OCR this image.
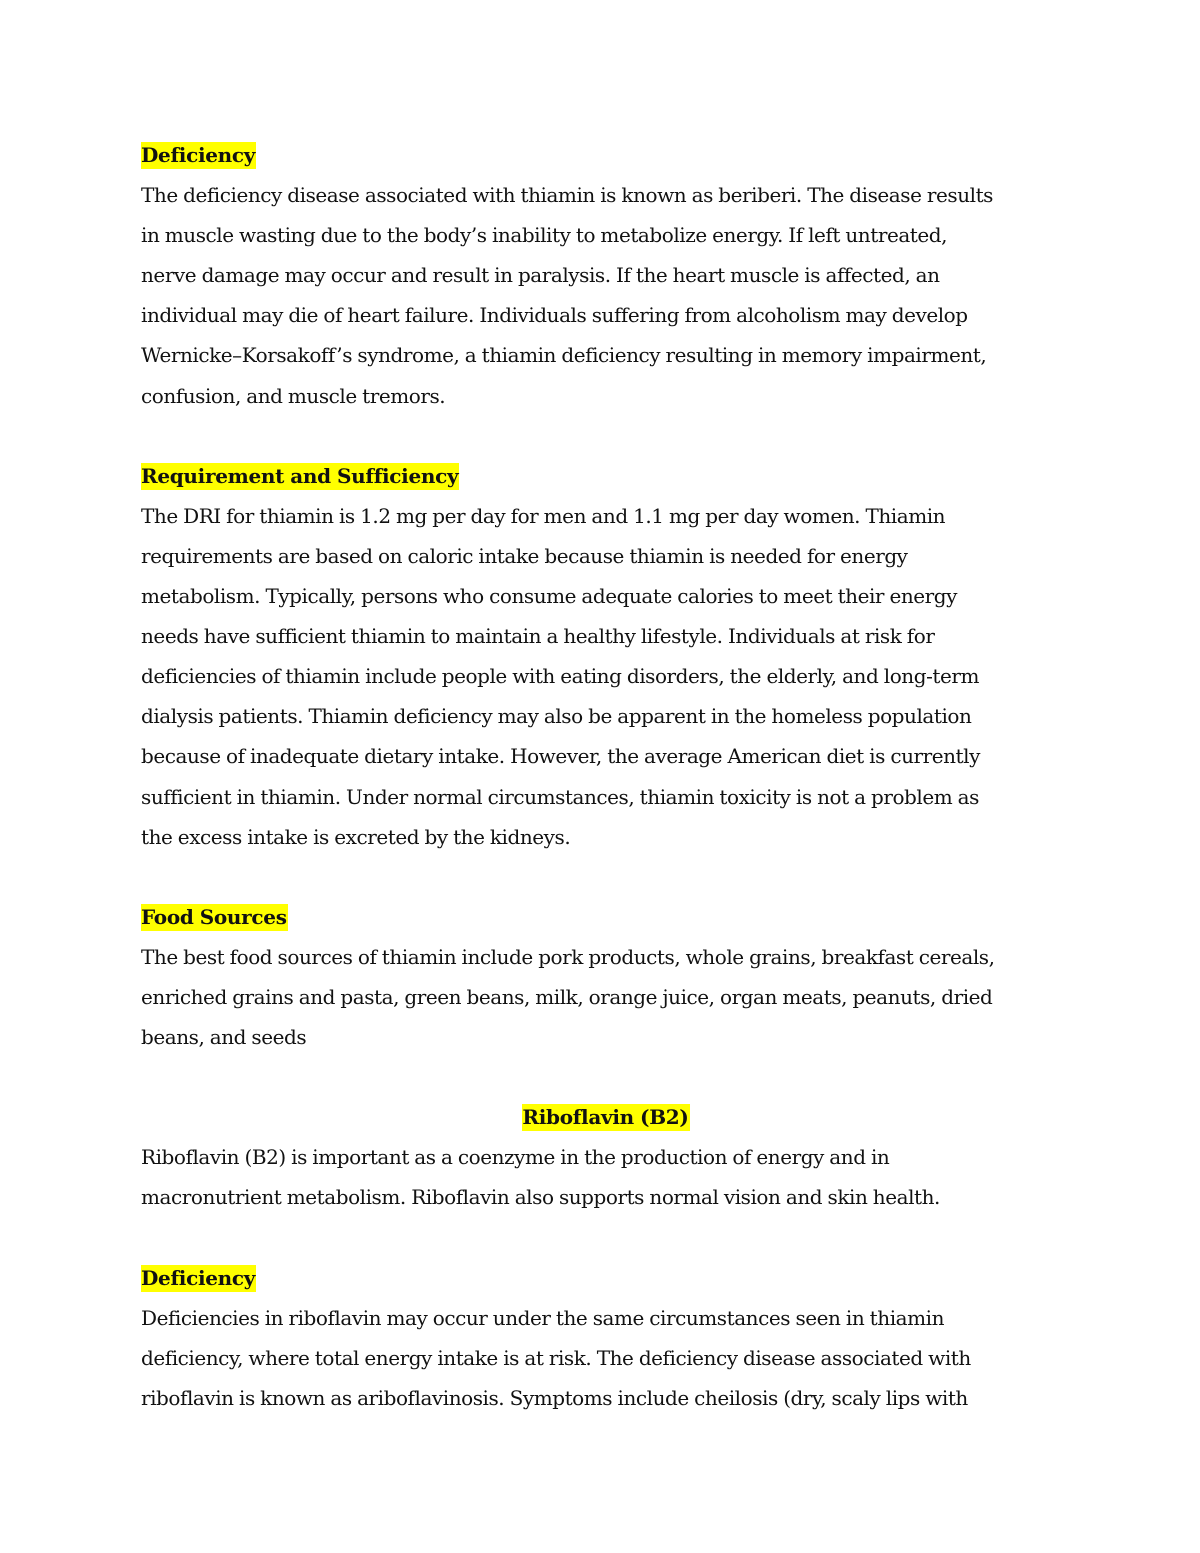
Deficiency
The deficiency disease associated with thiamin is known as beriberi. The disease results
in muscle wasting due to the body’s inability to metabolize energy. If left untreated,
nerve damage may occur and result in paralysis. If the heart muscle is affected, an
individual may die of heart failure. Individuals suffering from alcoholism may develop
Wernicke–Korsakoff’s syndrome, a thiamin deficiency resulting in memory impairment,
confusion, and muscle tremors.
Requirement and Sufficiency
The DRI for thiamin is 1.2 mg per day for men and 1.1 mg per day women. Thiamin
requirements are based on caloric intake because thiamin is needed for energy
metabolism. Typically, persons who consume adequate calories to meet their energy
needs have sufficient thiamin to maintain a healthy lifestyle. Individuals at risk for
deficiencies of thiamin include people with eating disorders, the elderly, and long-term
dialysis patients. Thiamin deficiency may also be apparent in the homeless population
because of inadequate dietary intake. However, the average American diet is currently
sufficient in thiamin. Under normal circumstances, thiamin toxicity is not a problem as
the excess intake is excreted by the kidneys.
Food Sources
The best food sources of thiamin include pork products, whole grains, breakfast cereals,
enriched grains and pasta, green beans, milk, orange juice, organ meats, peanuts, dried
beans, and seeds
Riboflavin (B2)
Riboflavin (B2) is important as a coenzyme in the production of energy and in
macronutrient metabolism. Riboflavin also supports normal vision and skin health.
Deficiency
Deficiencies in riboflavin may occur under the same circumstances seen in thiamin
deficiency, where total energy intake is at risk. The deficiency disease associated with
riboflavin is known as ariboflavinosis. Symptoms include cheilosis (dry, scaly lips with
